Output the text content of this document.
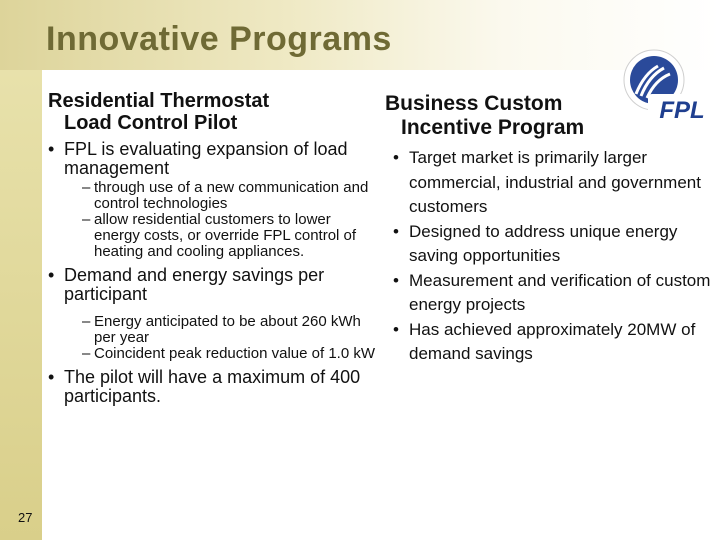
Innovative Programs
FPL
Residential Thermostat
Load Control Pilot
• FPL is evaluating expansion of load management
– through use of a new communication and control technologies
– allow residential customers to lower energy costs, or override FPL control of heating and cooling appliances.
• Demand and energy savings per participant
– Energy anticipated to be about 260 kWh per year
– Coincident peak reduction value of 1.0 kW
• The pilot will have a maximum of 400 participants.
Business Custom
Incentive Program
• Target market is primarily larger commercial, industrial and government customers
• Designed to address unique energy saving opportunities
• Measurement and verification of custom energy projects
• Has achieved approximately 20MW of demand savings
27
